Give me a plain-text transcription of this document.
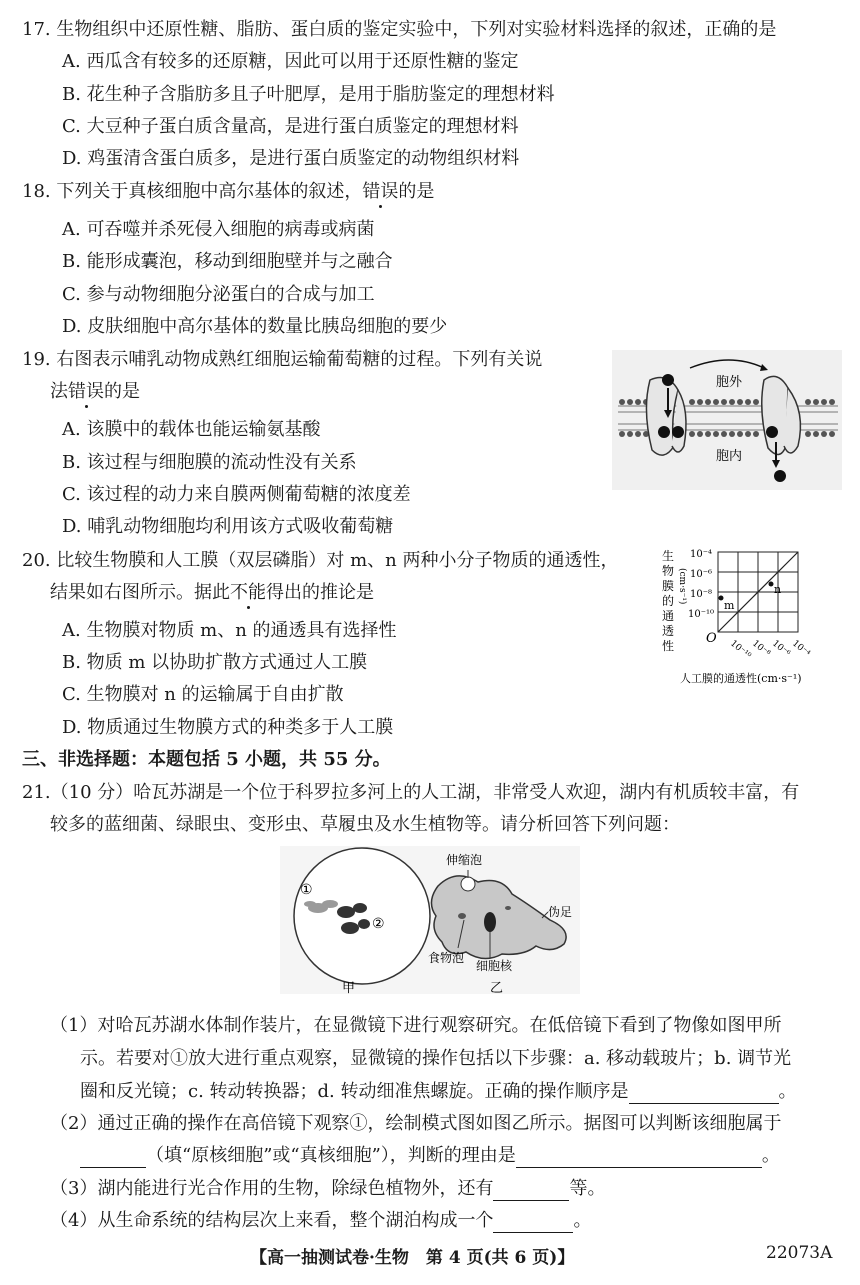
17. 生物组织中还原性糖、脂肪、蛋白质的鉴定实验中，下列对实验材料选择的叙述，正确的是
A. 西瓜含有较多的还原糖，因此可以用于还原性糖的鉴定
B. 花生种子含脂肪多且子叶肥厚，是用于脂肪鉴定的理想材料
C. 大豆种子蛋白质含量高，是进行蛋白质鉴定的理想材料
D. 鸡蛋清含蛋白质多，是进行蛋白质鉴定的动物组织材料
18. 下列关于真核细胞中高尔基体的叙述，错误的是
A. 可吞噬并杀死侵入细胞的病毒或病菌
B. 能形成囊泡，移动到细胞壁并与之融合
C. 参与动物细胞分泌蛋白的合成与加工
D. 皮肤细胞中高尔基体的数量比胰岛细胞的要少
19. 右图表示哺乳动物成熟红细胞运输葡萄糖的过程。下列有关说
法错误的是
A. 该膜中的载体也能运输氨基酸
B. 该过程与细胞膜的流动性没有关系
C. 该过程的动力来自膜两侧葡萄糖的浓度差
D. 哺乳动物细胞均利用该方式吸收葡萄糖
胞外
胞内
20. 比较生物膜和人工膜（双层磷脂）对 m、n 两种小分子物质的通透性，
结果如右图所示。据此不能得出的推论是
A. 生物膜对物质 m、n 的通透具有选择性
B. 物质 m 以协助扩散方式通过人工膜
C. 生物膜对 n 的运输属于自由扩散
D. 物质通过生物膜方式的种类多于人工膜
生
物
膜
的
通
透
性
(cm·s⁻¹)
10⁻⁴
10⁻⁶
10⁻⁸
10⁻¹⁰
O
m
n
10⁻¹⁰
10⁻⁸
10⁻⁶
10⁻⁴
人工膜的通透性(cm·s⁻¹)
三、非选择题：本题包括 5 小题，共 55 分。
21.（10 分）哈瓦苏湖是一个位于科罗拉多河上的人工湖，非常受人欢迎，湖内有机质较丰富，有
较多的蓝细菌、绿眼虫、变形虫、草履虫及水生植物等。请分析回答下列问题：
①
②
甲
伸缩泡
伪足
食物泡
细胞核
乙
（1）对哈瓦苏湖水体制作装片，在显微镜下进行观察研究。在低倍镜下看到了物像如图甲所
示。若要对①放大进行重点观察，显微镜的操作包括以下步骤：a. 移动载玻片；b. 调节光
圈和反光镜；c. 转动转换器；d. 转动细准焦螺旋。正确的操作顺序是	。
（2）通过正确的操作在高倍镜下观察①，绘制模式图如图乙所示。据图可以判断该细胞属于
（填“原核细胞”或“真核细胞”），判断的理由是	。
（3）湖内能进行光合作用的生物，除绿色植物外，还有	等。
（4）从生命系统的结构层次上来看，整个湖泊构成一个	。
【高一抽测试卷·生物　第 4 页(共 6 页)】	22073A
